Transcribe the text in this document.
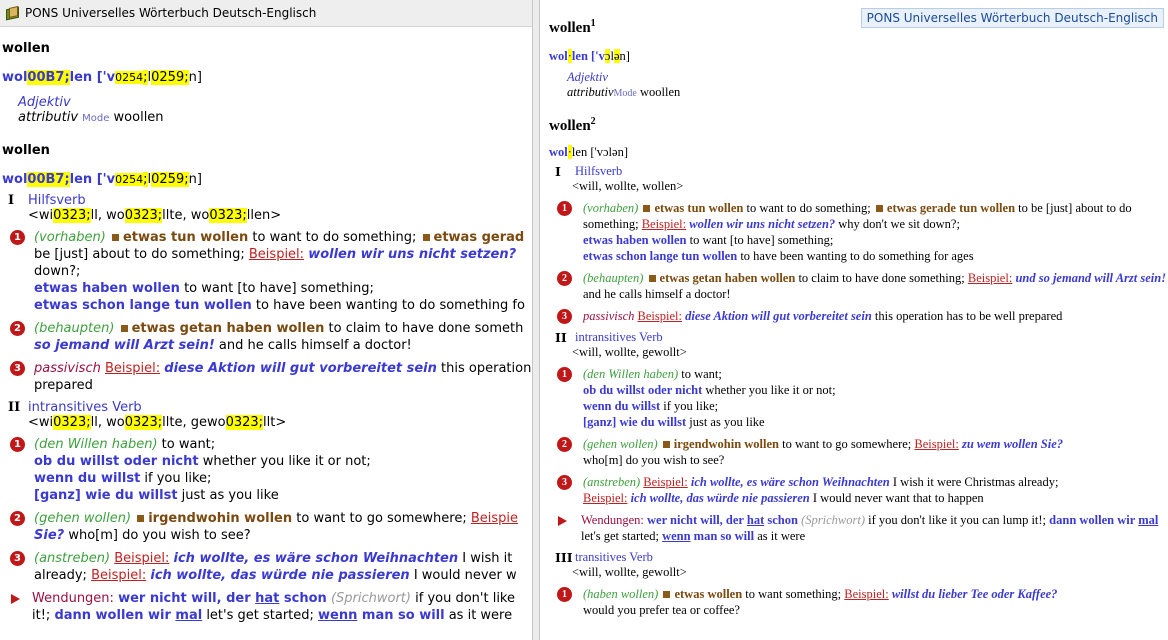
PONS Universelles Wörterbuch Deutsch-Englisch
wollen
wol00B7;len ['v0254;l0259;n]
Adjektiv
attributiv Mode woollen
wollen
wol00B7;len ['v0254;l0259;n]
I	Hilfsverb
<wi0323;ll, wo0323;llte, wo0323;llen>
1	(vorhaben) etwas tun wollen to want to do something; etwas gerad
be [just] about to do something; Beispiel: wollen wir uns nicht setzen?
down?;
etwas haben wollen to want [to have] something;
etwas schon lange tun wollen to have been wanting to do something fo
2	(behaupten) etwas getan haben wollen to claim to have done someth
so jemand will Arzt sein! and he calls himself a doctor!
3	passivisch Beispiel: diese Aktion will gut vorbereitet sein this operation
prepared
II intransitives Verb
<wi0323;ll, wo0323;llte, gewo0323;llt>
1	(den Willen haben) to want;
ob du willst oder nicht whether you like it or not;
wenn du willst if you like;
[ganz] wie du willst just as you like
2	(gehen wollen) irgendwohin wollen to want to go somewhere; Beispie
Sie? who[m] do you wish to see?
3	(anstreben) Beispiel: ich wollte, es wäre schon Weihnachten I wish it
already; Beispiel: ich wollte, das würde nie passieren I would never w
Wendungen: wer nicht will, der hat schon (Sprichwort) if you don't like
it!; dann wollen wir mal let's get started; wenn man so will as it were
PONS Universelles Wörterbuch Deutsch-Englisch
wollen$^1$
wol·len ['vɔlən]
Adjektiv
attributivMode woollen
wollen$^2$
wol·len ['vɔlən]
I	Hilfsverb
<will, wollte, wollen>
1	(vorhaben) etwas tun wollen to want to do something; etwas gerade tun wollen to be [just] about to do something; Beispiel: wollen wir uns nicht setzen? why don't we sit down?;
etwas haben wollen to want [to have] something;
etwas schon lange tun wollen to have been wanting to do something for ages
2	(behaupten) etwas getan haben wollen to claim to have done something; Beispiel: und so jemand will Arzt sein! and he calls himself a doctor!
3	passivisch Beispiel: diese Aktion will gut vorbereitet sein this operation has to be well prepared
II intransitives Verb
<will, wollte, gewollt>
1	(den Willen haben) to want;
ob du willst oder nicht whether you like it or not;
wenn du willst if you like;
[ganz] wie du willst just as you like
2	(gehen wollen) irgendwohin wollen to want to go somewhere; Beispiel: zu wem wollen Sie?
who[m] do you wish to see?
3	(anstreben) Beispiel: ich wollte, es wäre schon Weihnachten I wish it were Christmas already;
Beispiel: ich wollte, das würde nie passieren I would never want that to happen
Wendungen: wer nicht will, der hat schon (Sprichwort) if you don't like it you can lump it!; dann wollen wir mal let's get started; wenn man so will as it were
III transitives Verb
<will, wollte, gewollt>
1	(haben wollen) etwas wollen to want something; Beispiel: willst du lieber Tee oder Kaffee?
would you prefer tea or coffee?
